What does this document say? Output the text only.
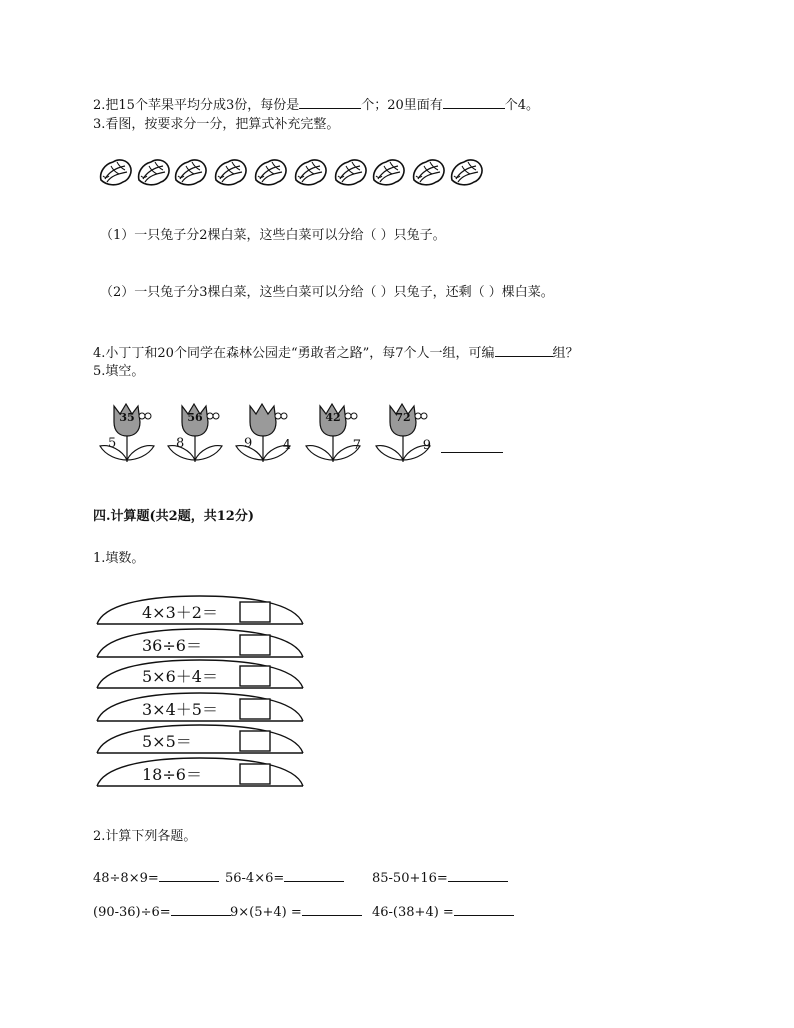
2.把15个苹果平均分成3份，每份是	个；20里面有	个4。
3.看图，按要求分一分，把算式补充完整。
（1）一只兔子分2棵白菜，这些白菜可以分给（ ）只兔子。
（2）一只兔子分3棵白菜，这些白菜可以分给（ ）只兔子，还剩（ ）棵白菜。
4.小丁丁和20个同学在森林公园走“勇敢者之路”，每7个人一组，可编	组？
5.填空。
35
5
56
8	9 4
42
7
72
9
四.计算题(共2题，共12分)
1.填数。
4×3＋2＝
36÷6＝
5×6＋4＝
3×4＋5＝
5×5＝
18÷6＝
2.计算下列各题。
48÷8×9=	56-4×6=	85-50+16=
(90-36)÷6=	9×(5+4) =	46-(38+4) =
